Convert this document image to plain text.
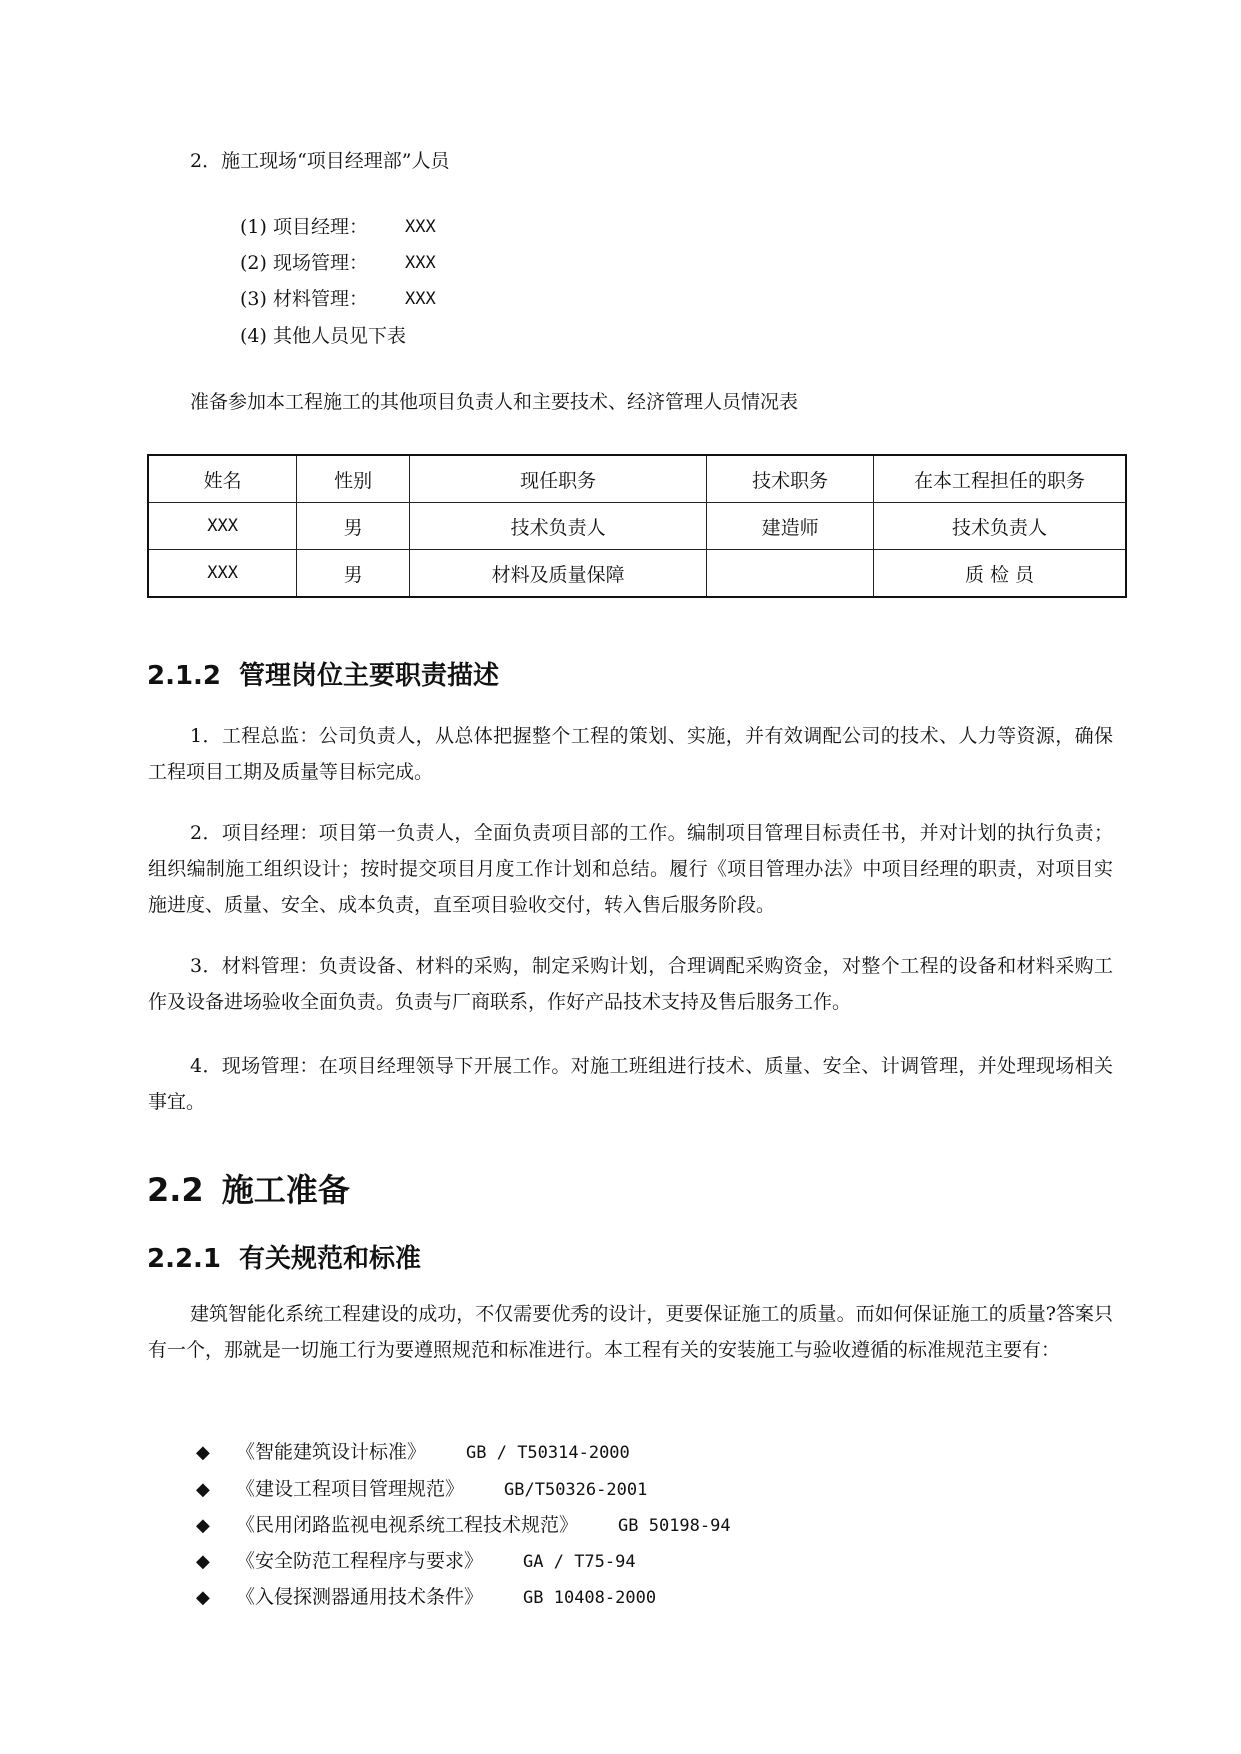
2．施工现场“项目经理部”人员
(1) 项目经理： XXX
(2) 现场管理： XXX
(3) 材料管理： XXX
(4) 其他人员见下表
准备参加本工程施工的其他项目负责人和主要技术、经济管理人员情况表
姓名	性别	现任职务	技术职务	在本工程担任的职务
XXX	男	技术负责人	建造师	技术负责人
XXX	男	材料及质量保障		质 检 员
2.1.2 管理岗位主要职责描述
1．工程总监：公司负责人，从总体把握整个工程的策划、实施，并有效调配公司的技术、人力等资源，确保工程项目工期及质量等目标完成。
2．项目经理：项目第一负责人，全面负责项目部的工作。编制项目管理目标责任书，并对计划的执行负责；组织编制施工组织设计；按时提交项目月度工作计划和总结。履行《项目管理办法》中项目经理的职责，对项目实施进度、质量、安全、成本负责，直至项目验收交付，转入售后服务阶段。
3．材料管理：负责设备、材料的采购，制定采购计划，合理调配采购资金，对整个工程的设备和材料采购工作及设备进场验收全面负责。负责与厂商联系，作好产品技术支持及售后服务工作。
4．现场管理：在项目经理领导下开展工作。对施工班组进行技术、质量、安全、计调管理，并处理现场相关事宜。
2.2 施工准备
2.2.1 有关规范和标准
建筑智能化系统工程建设的成功，不仅需要优秀的设计，更要保证施工的质量。而如何保证施工的质量?答案只有一个，那就是一切施工行为要遵照规范和标准进行。本工程有关的安装施工与验收遵循的标准规范主要有：
◆ 《智能建筑设计标准》 GB / T50314-2000
◆ 《建设工程项目管理规范》 GB/T50326-2001
◆ 《民用闭路监视电视系统工程技术规范》 GB 50198-94
◆ 《安全防范工程程序与要求》 GA / T75-94
◆ 《入侵探测器通用技术条件》 GB 10408-2000
